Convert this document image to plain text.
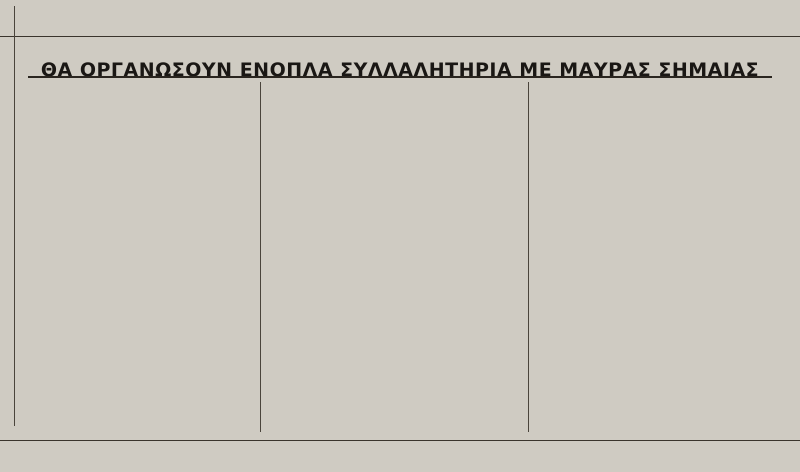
ΘΑ ΟΡΓΑΝΩΣΟΥΝ ΕΝΟΠΛΑ ΣΥΛΛΑΛΗΤΗΡΙΑ ΜΕ ΜΑΥΡΑΣ ΣΗΜΑΙΑΣ
